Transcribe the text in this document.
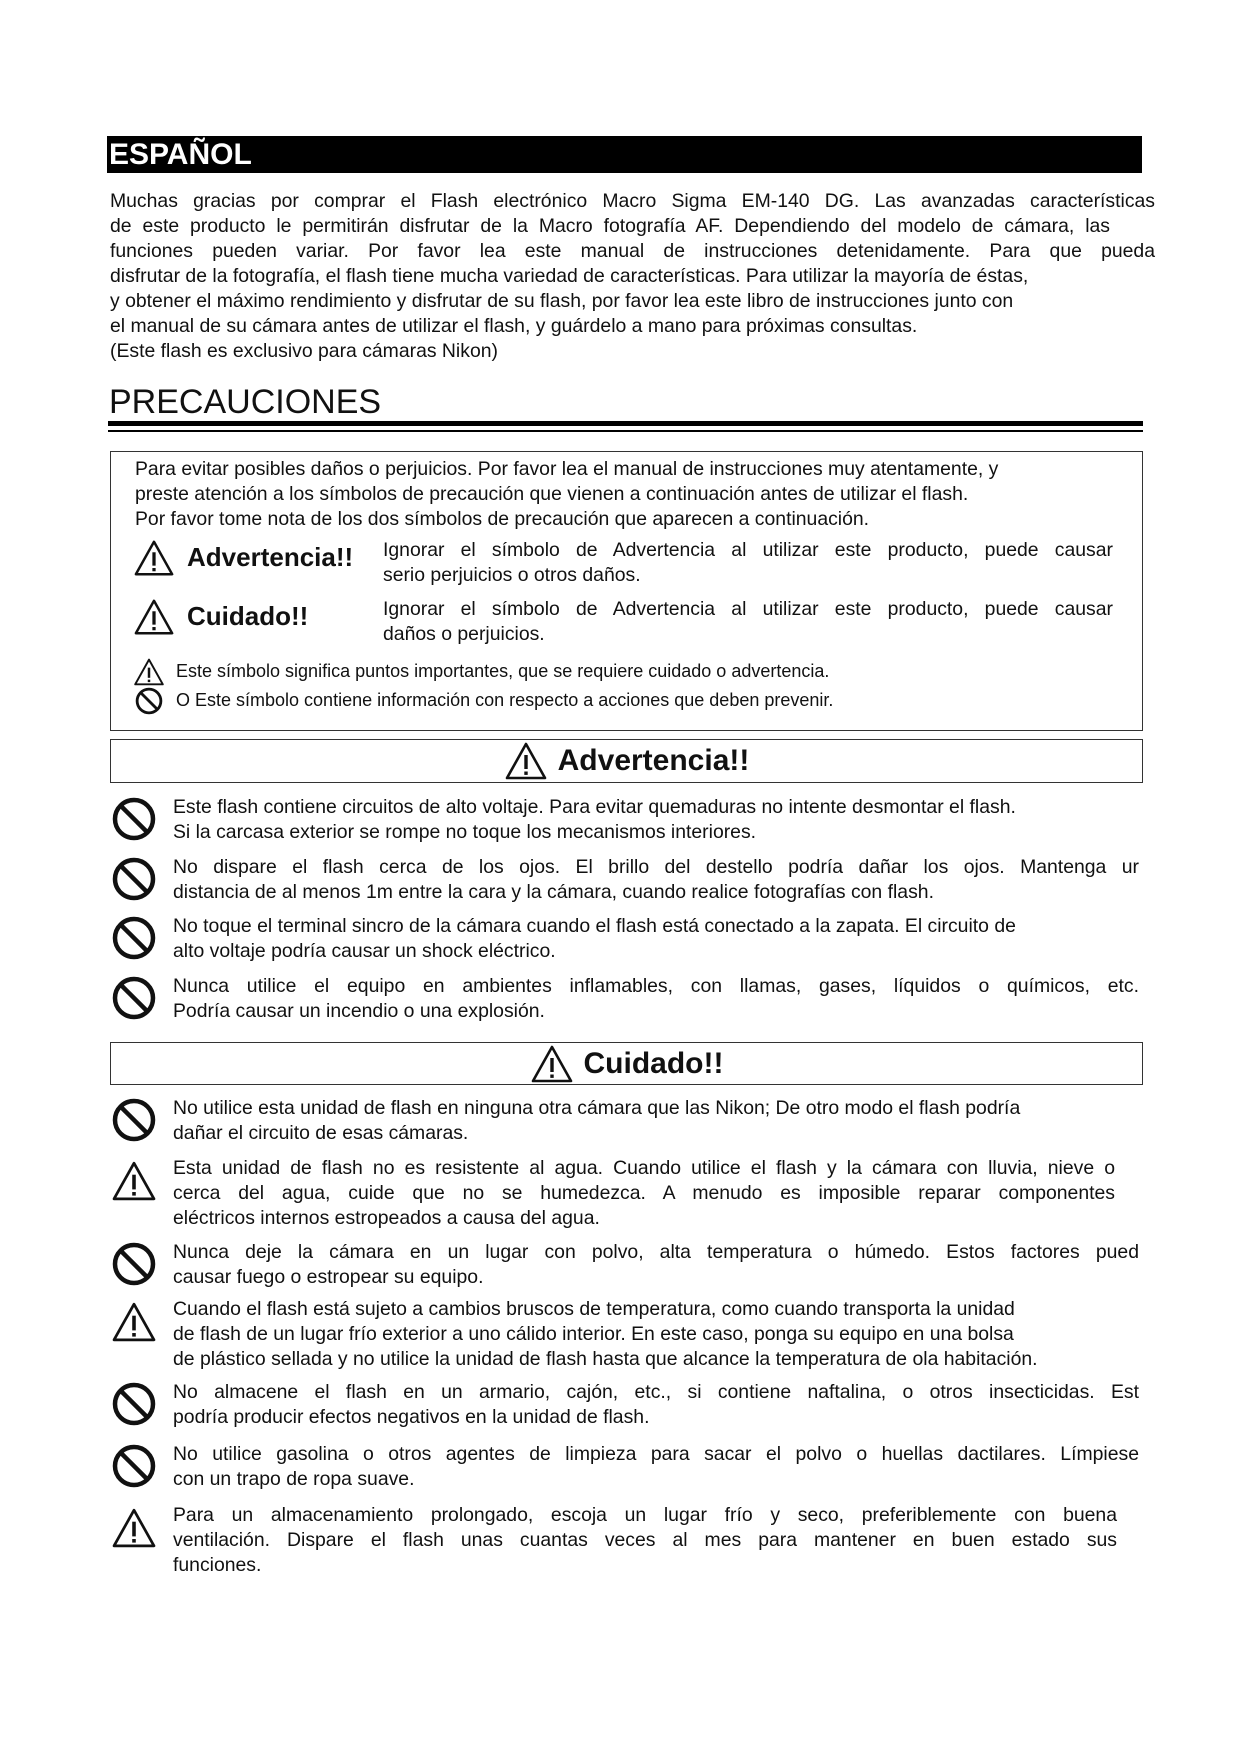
ESPAÑOL

Muchas gracias por comprar el Flash electrónico Macro Sigma EM-140 DG. Las avanzadas características

de este producto le permitirán disfrutar de la Macro fotografía AF. Dependiendo del modelo de cámara, las

funciones pueden variar. Por favor lea este manual de instrucciones detenidamente. Para que pueda

disfrutar de la fotografía, el flash tiene mucha variedad de características. Para utilizar la mayoría de éstas,

y obtener el máximo rendimiento y disfrutar de su flash, por favor lea este libro de instrucciones junto con

el manual de su cámara antes de utilizar el flash, y guárdelo a mano para próximas consultas.

(Este flash es exclusivo para cámaras Nikon)

PRECAUCIONES

Para evitar posibles daños o perjuicios. Por favor lea el manual de instrucciones muy atentamente, y

preste atención a los símbolos de precaución que vienen a continuación antes de utilizar el flash.

Por favor tome nota de los dos símbolos de precaución que aparecen a continuación.

Advertencia!! Ignorar el símbolo de Advertencia al utilizar este producto, puede causar

serio perjuicios o otros daños.

Cuidado!!	Ignorar el símbolo de Advertencia al utilizar este producto, puede causar

daños o perjuicios.

Este símbolo significa puntos importantes, que se requiere cuidado o advertencia.
O Este símbolo contiene información con respecto a acciones que deben prevenir.
Advertencia!!

Este flash contiene circuitos de alto voltaje. Para evitar quemaduras no intente desmontar el flash.

Si la carcasa exterior se rompe no toque los mecanismos interiores.

No dispare el flash cerca de los ojos. El brillo del destello podría dañar los ojos. Mantenga ur

distancia de al menos 1m entre la cara y la cámara, cuando realice fotografías con flash.

No toque el terminal sincro de la cámara cuando el flash está conectado a la zapata. El circuito de

alto voltaje podría causar un shock eléctrico.

Nunca utilice el equipo en ambientes inflamables, con llamas, gases, líquidos o químicos, etc.

Podría causar un incendio o una explosión.

Cuidado!!

No utilice esta unidad de flash en ninguna otra cámara que las Nikon; De otro modo el flash podría

dañar el circuito de esas cámaras.

Esta unidad de flash no es resistente al agua. Cuando utilice el flash y la cámara con lluvia, nieve o

cerca del agua, cuide que no se humedezca. A menudo es imposible reparar componentes

eléctricos internos estropeados a causa del agua.

Nunca deje la cámara en un lugar con polvo, alta temperatura o húmedo. Estos factores pued

causar fuego o estropear su equipo.

Cuando el flash está sujeto a cambios bruscos de temperatura, como cuando transporta la unidad

de flash de un lugar frío exterior a uno cálido interior. En este caso, ponga su equipo en una bolsa

de plástico sellada y no utilice la unidad de flash hasta que alcance la temperatura de ola habitación.

No almacene el flash en un armario, cajón, etc., si contiene naftalina, o otros insecticidas. Est

podría producir efectos negativos en la unidad de flash.

No utilice gasolina o otros agentes de limpieza para sacar el polvo o huellas dactilares. Límpiese

con un trapo de ropa suave.

Para un almacenamiento prolongado, escoja un lugar frío y seco, preferiblemente con buena

ventilación. Dispare el flash unas cuantas veces al mes para mantener en buen estado sus

funciones.
